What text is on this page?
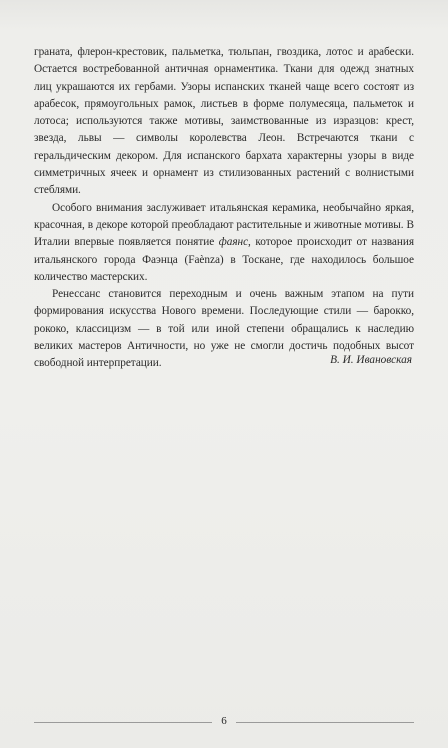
граната, флерон-крестовик, пальметка, тюльпан, гвоздика, лотос и арабески. Остается востребованной античная орнаментика. Ткани для одежд знатных лиц украшаются их гербами. Узоры испанских тканей чаще всего состоят из арабесок, прямоугольных рамок, листьев в форме полумесяца, пальметок и лотоса; используются также мотивы, заимствованные из изразцов: крест, звезда, львы — символы королевства Леон. Встречаются ткани с геральдическим декором. Для испанского бархата характерны узоры в виде симметричных ячеек и орнамент из стилизованных растений с волнистыми стеблями.

Особого внимания заслуживает итальянская керамика, необычайно яркая, красочная, в декоре которой преобладают растительные и животные мотивы. В Италии впервые появляется понятие фаянс, которое происходит от названия итальянского города Фаэнца (Faènza) в Тоскане, где находилось большое количество мастерских.

Ренессанс становится переходным и очень важным этапом на пути формирования искусства Нового времени. Последующие стили — барокко, рококо, классицизм — в той или иной степени обращались к наследию великих мастеров Античности, но уже не смогли достичь подобных высот свободной интерпретации.	В. И. Ивановская
6
